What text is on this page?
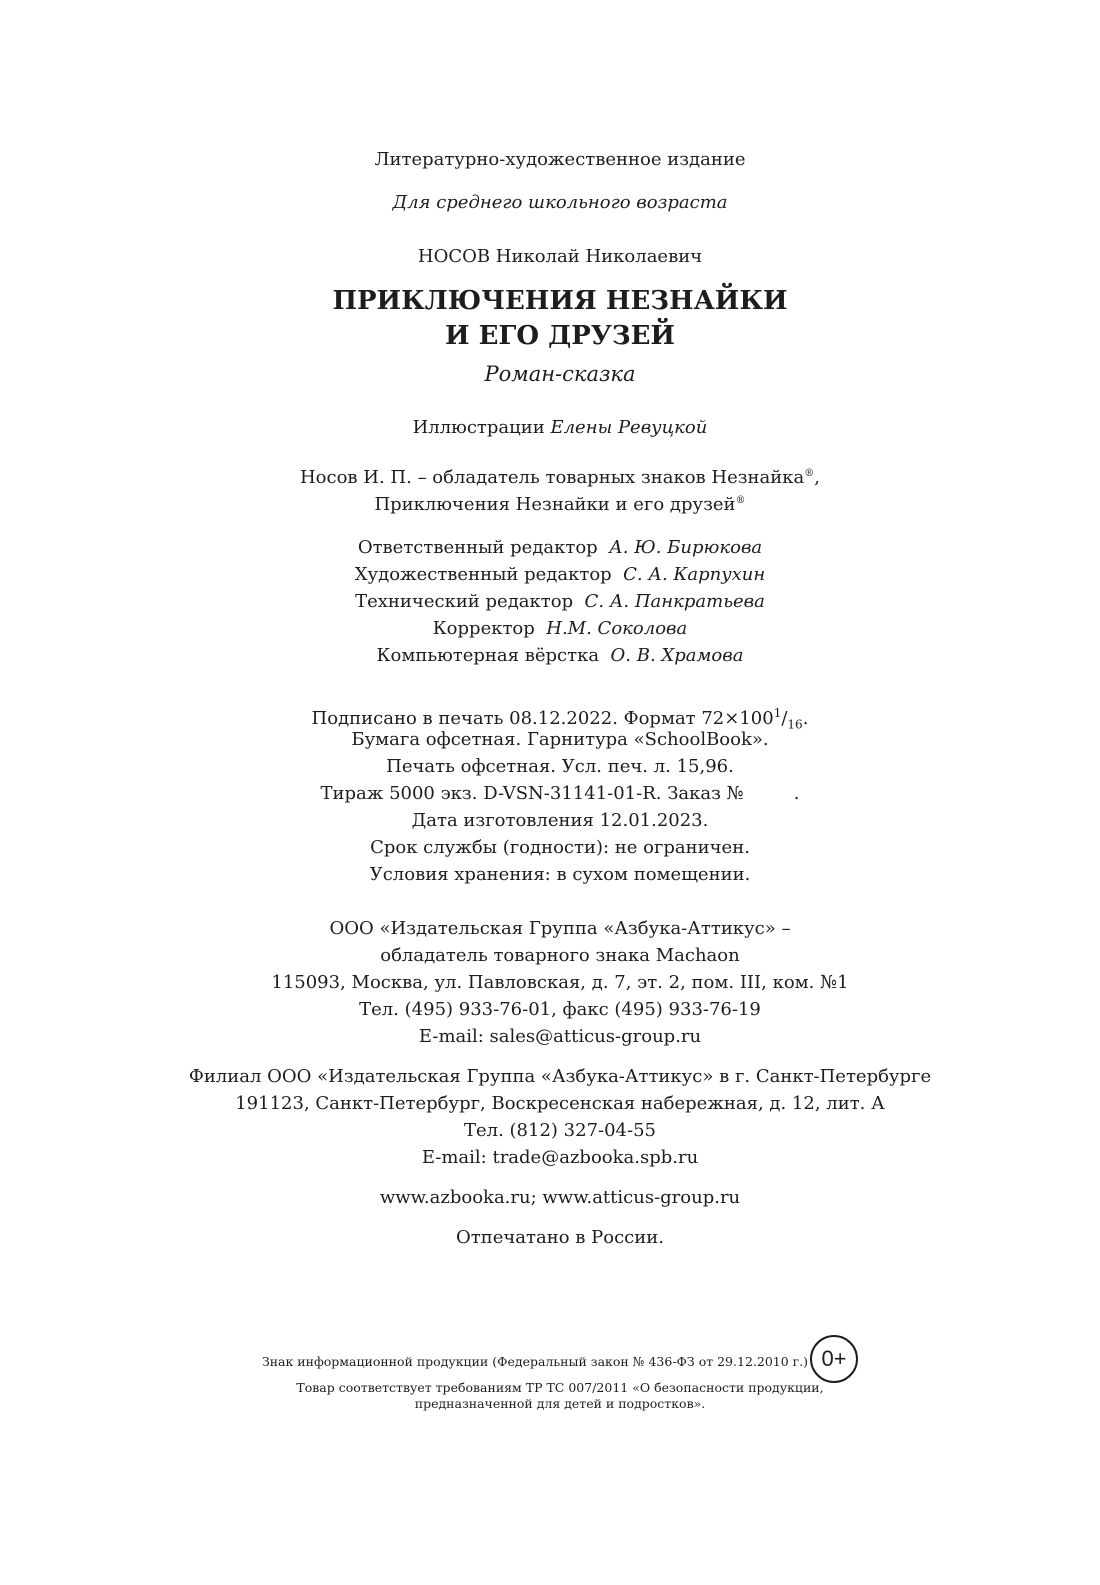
Литературно-художественное издание
Для среднего школьного возраста
НОСОВ Николай Николаевич
ПРИКЛЮЧЕНИЯ НЕЗНАЙКИ
И ЕГО ДРУЗЕЙ
Роман-сказка
Иллюстрации Елены Ревуцкой
Носов И. П. – обладатель товарных знаков Незнайка®,
Приключения Незнайки и его друзей®
Ответственный редактор А. Ю. Бирюкова
Художественный редактор С. А. Карпухин
Технический редактор С. А. Панкратьева
Корректор Н.М. Соколова
Компьютерная вёрстка О. В. Храмова
Подписано в печать 08.12.2022. Формат $72\times 100^1/_{16}$.
Бумага офсетная. Гарнитура «SchoolBook».
Печать офсетная. Усл. печ. л. 15,96.
Тираж 5000 экз. D-VSN-31141-01-R. Заказ №	.
Дата изготовления 12.01.2023.
Срок службы (годности): не ограничен.
Условия хранения: в сухом помещении.
ООО «Издательская Группа «Азбука-Аттикус» –
обладатель товарного знака Machaon
115093, Москва, ул. Павловская, д. 7, эт. 2, пом. III, ком. №1
Тел. (495) 933-76-01, факс (495) 933-76-19
E-mail: sales@atticus-group.ru
Филиал ООО «Издательская Группа «Азбука-Аттикус» в г. Санкт-Петербурге
191123, Санкт-Петербург, Воскресенская набережная, д. 12, лит. А
Тел. (812) 327-04-55
E-mail: trade@azbooka.spb.ru
www.azbooka.ru; www.atticus-group.ru
Отпечатано в России.
Знак информационной продукции (Федеральный закон № 436-ФЗ от 29.12.2010 г.) 0+
Товар соответствует требованиям ТР ТС 007/2011 «О безопасности продукции,
предназначенной для детей и подростков».
